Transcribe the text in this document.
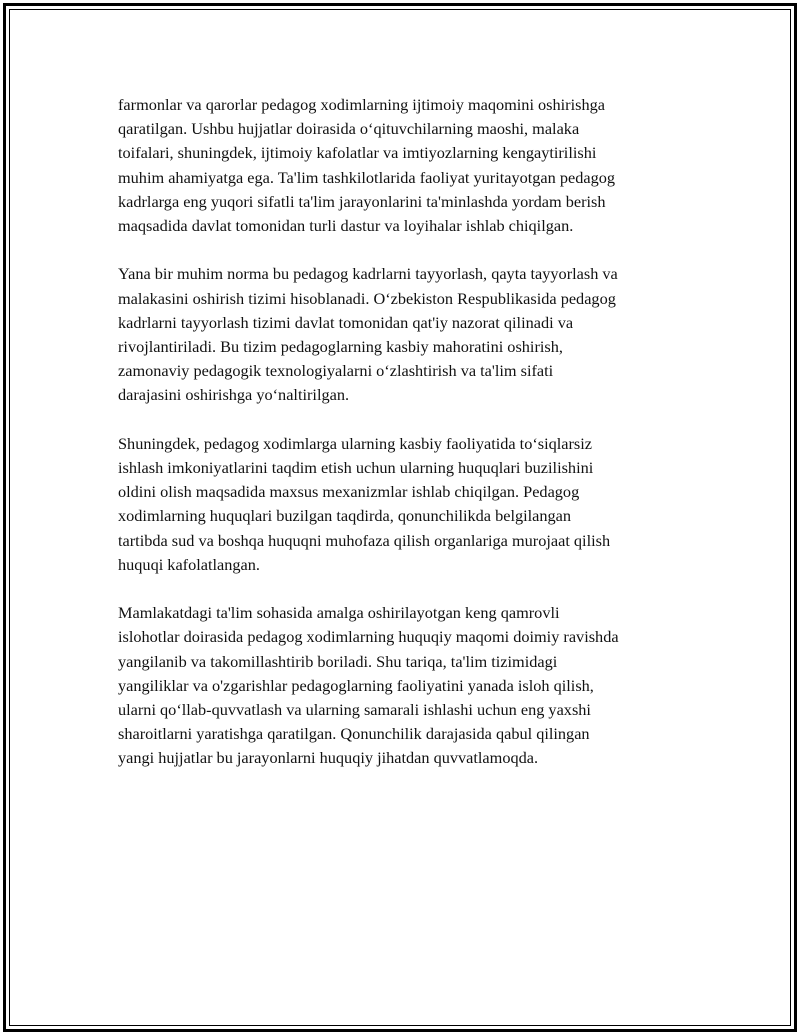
farmonlar va qarorlar pedagog xodimlarning ijtimoiy maqomini oshirishga
qaratilgan. Ushbu hujjatlar doirasida o‘qituvchilarning maoshi, malaka
toifalari, shuningdek, ijtimoiy kafolatlar va imtiyozlarning kengaytirilishi
muhim ahamiyatga ega. Ta'lim tashkilotlarida faoliyat yuritayotgan pedagog
kadrlarga eng yuqori sifatli ta'lim jarayonlarini ta'minlashda yordam berish
maqsadida davlat tomonidan turli dastur va loyihalar ishlab chiqilgan.

Yana bir muhim norma bu pedagog kadrlarni tayyorlash, qayta tayyorlash va
malakasini oshirish tizimi hisoblanadi. O‘zbekiston Respublikasida pedagog
kadrlarni tayyorlash tizimi davlat tomonidan qat'iy nazorat qilinadi va
rivojlantiriladi. Bu tizim pedagoglarning kasbiy mahoratini oshirish,
zamonaviy pedagogik texnologiyalarni o‘zlashtirish va ta'lim sifati
darajasini oshirishga yo‘naltirilgan.

Shuningdek, pedagog xodimlarga ularning kasbiy faoliyatida to‘siqlarsiz
ishlash imkoniyatlarini taqdim etish uchun ularning huquqlari buzilishini
oldini olish maqsadida maxsus mexanizmlar ishlab chiqilgan. Pedagog
xodimlarning huquqlari buzilgan taqdirda, qonunchilikda belgilangan
tartibda sud va boshqa huquqni muhofaza qilish organlariga murojaat qilish
huquqi kafolatlangan.

Mamlakatdagi ta'lim sohasida amalga oshirilayotgan keng qamrovli
islohotlar doirasida pedagog xodimlarning huquqiy maqomi doimiy ravishda
yangilanib va takomillashtirib boriladi. Shu tariqa, ta'lim tizimidagi
yangiliklar va o'zgarishlar pedagoglarning faoliyatini yanada isloh qilish,
ularni qo‘llab-quvvatlash va ularning samarali ishlashi uchun eng yaxshi
sharoitlarni yaratishga qaratilgan. Qonunchilik darajasida qabul qilingan
yangi hujjatlar bu jarayonlarni huquqiy jihatdan quvvatlamoqda.
